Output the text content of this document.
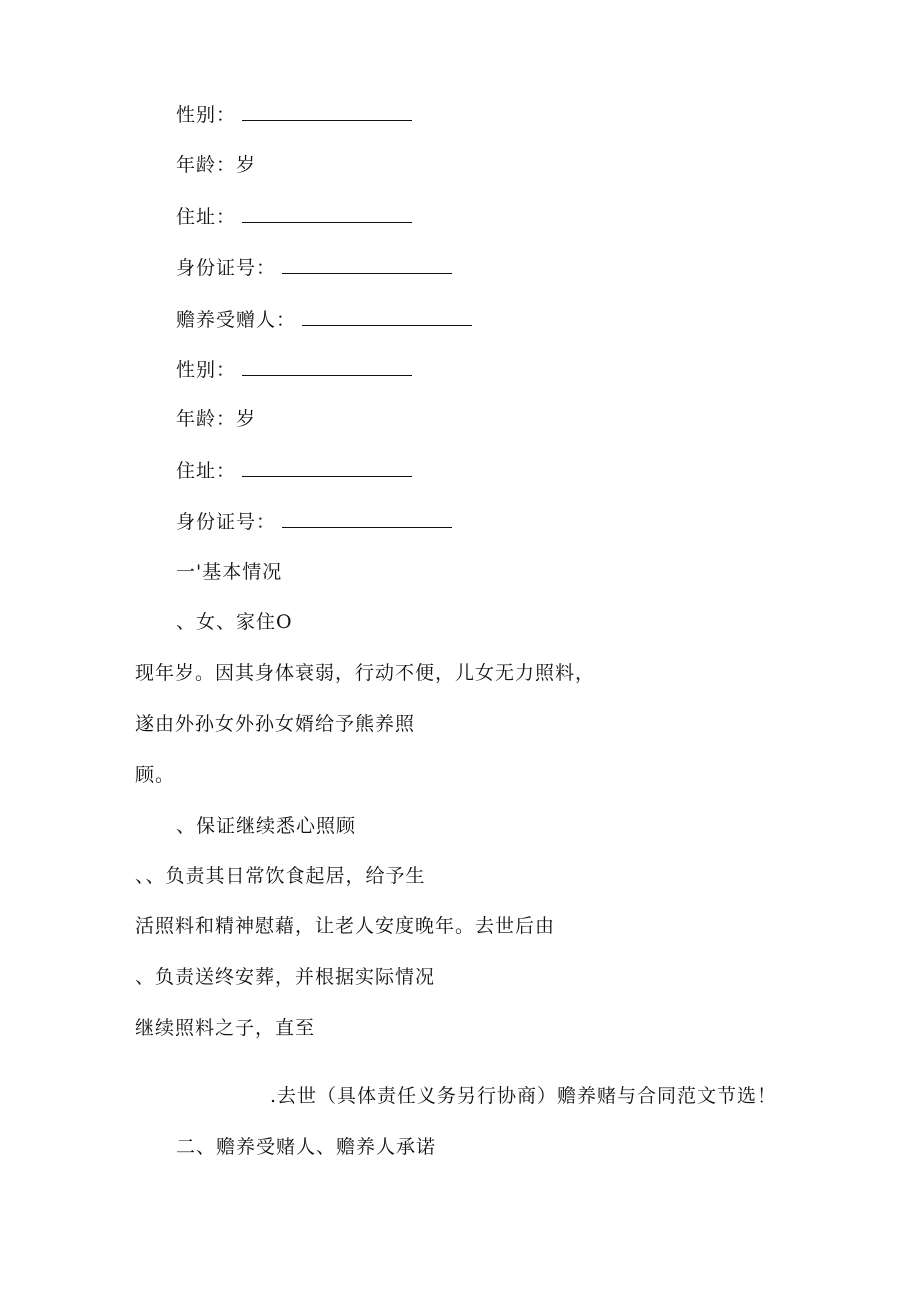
性别：
年龄：岁
住址：
身份证号：
赡养受赠人：
性别：
年龄：岁
住址：
身份证号：
一'基本情况
、女、家住O
现年岁。因其身体衰弱，行动不便，儿女无力照料，
遂由外孙女外孙女婿给予熊养照
顾。
、保证继续悉心照顾
、、负责其日常饮食起居，给予生
活照料和精神慰藉，让老人安度晚年。去世后由
、负责送终安葬，并根据实际情况
继续照料之子，直至
.去世（具体责任义务另行协商）赡养赌与合同范文节选！
二、赡养受赌人、赡养人承诺
